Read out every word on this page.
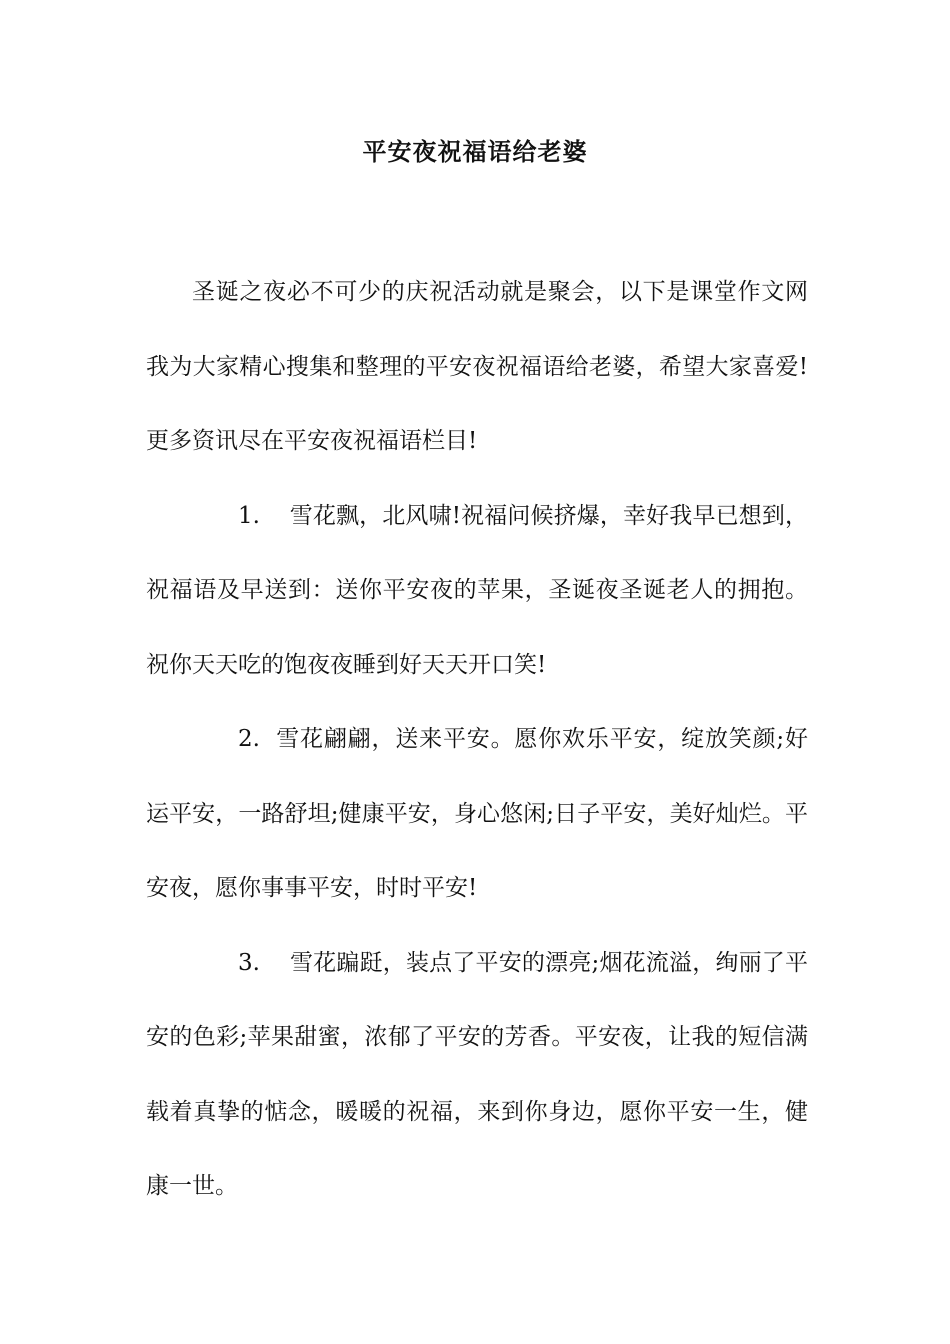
平安夜祝福语给老婆

圣诞之夜必不可少的庆祝活动就是聚会，以下是课堂作文网我为大家精心搜集和整理的平安夜祝福语给老婆，希望大家喜爱!更多资讯尽在平安夜祝福语栏目!

1. 雪花飘，北风啸!祝福问候挤爆，幸好我早已想到，祝福语及早送到：送你平安夜的苹果，圣诞夜圣诞老人的拥抱。祝你天天吃的饱夜夜睡到好天天开口笑!

2. 雪花翩翩，送来平安。愿你欢乐平安，绽放笑颜;好运平安，一路舒坦;健康平安，身心悠闲;日子平安，美好灿烂。平安夜，愿你事事平安，时时平安!

3. 雪花蹁跹，装点了平安的漂亮;烟花流溢，绚丽了平安的色彩;苹果甜蜜，浓郁了平安的芳香。平安夜，让我的短信满载着真挚的惦念，暖暖的祝福，来到你身边，愿你平安一生，健康一世。
